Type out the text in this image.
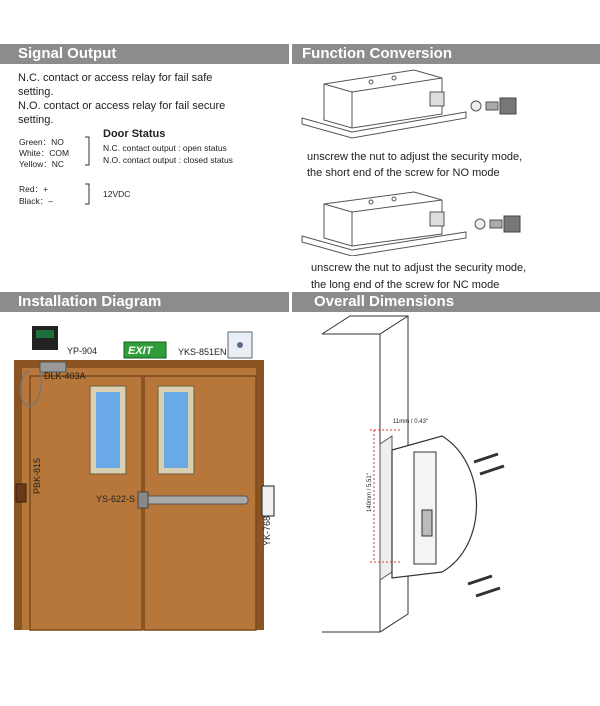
Signal Output	Function Conversion
Installation Diagram	Overall Dimensions
N.C. contact or access relay for fail safe
setting.
N.O. contact or access relay for fail secure
setting.
Green：NO
White：COM
Yellow：NC
Door Status
N.C. contact output : open status
N.O. contact output : closed status
Red：+
Black：–
12VDC
unscrew the nut to adjust the security mode,
the short end of the screw for NO mode
unscrew the nut to adjust the security mode,
the long end of the screw for NC mode
YP-904	EXIT	YKS-851EN
DLK-403A
PBK-815
YS-622-S
YK-768
11mm / 0.43"
140mm / 5.51"
